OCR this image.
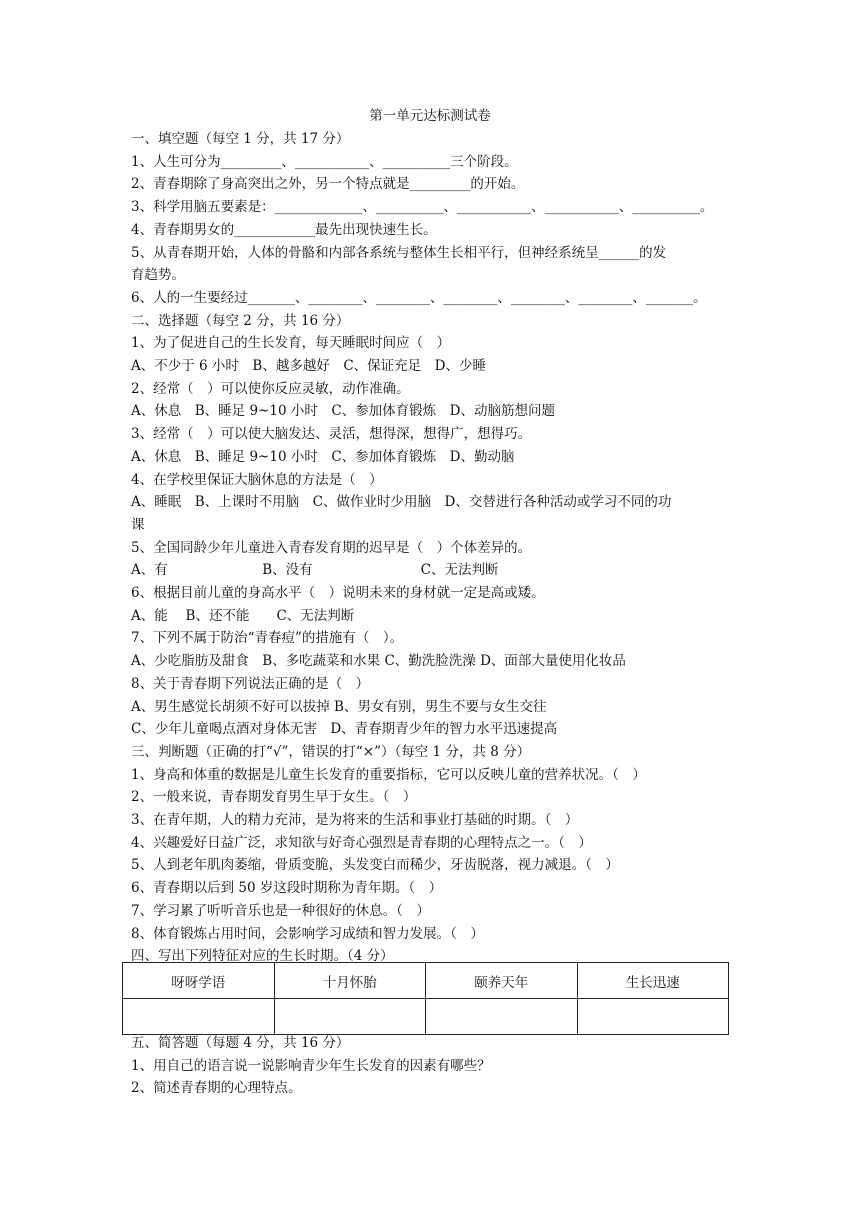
第一单元达标测试卷
一、填空题（每空 1 分，共 17 分）
1、人生可分为_________、___________、__________三个阶段。
2、青春期除了身高突出之外，另一个特点就是_________的开始。
3、科学用脑五要素是：_____________、__________、___________、___________、__________。
4、青春期男女的____________最先出现快速生长。
5、从青春期开始，人体的骨骼和内部各系统与整体生长相平行，但神经系统呈______的发
育趋势。
6、人的一生要经过_______、________、________、________、________、________、_______。
二、选择题（每空 2 分，共 16 分）
1、为了促进自己的生长发育，每天睡眠时间应（　）
A、不少于 6 小时　B、越多越好　C、保证充足　D、少睡
2、经常（　）可以使你反应灵敏，动作准确。
A、休息　B、睡足 9~10 小时　C、参加体育锻炼　D、动脑筋想问题
3、经常（　）可以使大脑发达、灵活，想得深，想得广，想得巧。
A、休息　B、睡足 9~10 小时　C、参加体育锻炼　D、勤动脑
4、在学校里保证大脑休息的方法是（　）
A、睡眠　B、上课时不用脑　C、做作业时少用脑　D、交替进行各种活动或学习不同的功
课
5、全国同龄少年儿童进入青春发育期的迟早是（　）个体差异的。
A、有　　　　　　　B、没有　　　　　　　　C、无法判断
6、根据目前儿童的身高水平（　）说明未来的身材就一定是高或矮。
A、能　 B、还不能　　C、无法判断
7、下列不属于防治“青春痘”的措施有（　）。
A、少吃脂肪及甜食　B、多吃蔬菜和水果 C、勤洗脸洗澡 D、面部大量使用化妆品
8、关于青春期下列说法正确的是（　）
A、男生感觉长胡须不好可以拔掉 B、男女有别，男生不要与女生交往
C、少年儿童喝点酒对身体无害　D、青春期青少年的智力水平迅速提高
三、判断题（正确的打“√”，错误的打“×”）（每空 1 分，共 8 分）
1、身高和体重的数据是儿童生长发育的重要指标，它可以反映儿童的营养状况。（　）
2、一般来说，青春期发育男生早于女生。（　）
3、在青年期，人的精力充沛，是为将来的生活和事业打基础的时期。（　）
4、兴趣爱好日益广泛，求知欲与好奇心强烈是青春期的心理特点之一。（　）
5、人到老年肌肉萎缩，骨质变脆，头发变白而稀少，牙齿脱落，视力减退。（　）
6、青春期以后到 50 岁这段时期称为青年期。（　）
7、学习累了听听音乐也是一种很好的休息。（　）
8、体育锻炼占用时间，会影响学习成绩和智力发展。（　）
四、写出下列特征对应的生长时期。（4 分）
呀呀学语	十月怀胎	颐养天年	生长迅速

五、简答题（每题 4 分，共 16 分）
1、用自己的语言说一说影响青少年生长发育的因素有哪些？
2、简述青春期的心理特点。
